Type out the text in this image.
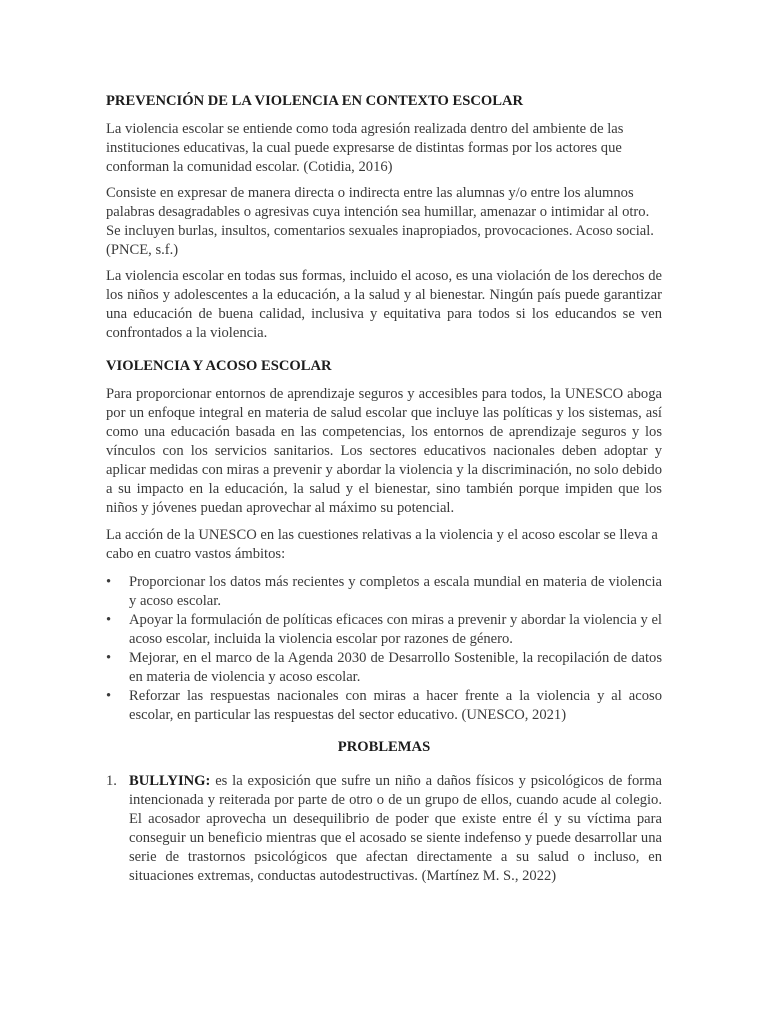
PREVENCIÓN DE LA VIOLENCIA EN CONTEXTO ESCOLAR

La violencia escolar se entiende como toda agresión realizada dentro del ambiente de las instituciones educativas, la cual puede expresarse de distintas formas por los actores que conforman la comunidad escolar. (Cotidia, 2016)

Consiste en expresar de manera directa o indirecta entre las alumnas y/o entre los alumnos palabras desagradables o agresivas cuya intención sea humillar, amenazar o intimidar al otro. Se incluyen burlas, insultos, comentarios sexuales inapropiados, provocaciones. Acoso social. (PNCE, s.f.)

La violencia escolar en todas sus formas, incluido el acoso, es una violación de los derechos de los niños y adolescentes a la educación, a la salud y al bienestar. Ningún país puede garantizar una educación de buena calidad, inclusiva y equitativa para todos si los educandos se ven confrontados a la violencia.

VIOLENCIA Y ACOSO ESCOLAR

Para proporcionar entornos de aprendizaje seguros y accesibles para todos, la UNESCO aboga por un enfoque integral en materia de salud escolar que incluye las políticas y los sistemas, así como una educación basada en las competencias, los entornos de aprendizaje seguros y los vínculos con los servicios sanitarios. Los sectores educativos nacionales deben adoptar y aplicar medidas con miras a prevenir y abordar la violencia y la discriminación, no solo debido a su impacto en la educación, la salud y el bienestar, sino también porque impiden que los niños y jóvenes puedan aprovechar al máximo su potencial.

La acción de la UNESCO en las cuestiones relativas a la violencia y el acoso escolar se lleva a cabo en cuatro vastos ámbitos:

• Proporcionar los datos más recientes y completos a escala mundial en materia de violencia y acoso escolar.
• Apoyar la formulación de políticas eficaces con miras a prevenir y abordar la violencia y el acoso escolar, incluida la violencia escolar por razones de género.
• Mejorar, en el marco de la Agenda 2030 de Desarrollo Sostenible, la recopilación de datos en materia de violencia y acoso escolar.
• Reforzar las respuestas nacionales con miras a hacer frente a la violencia y al acoso escolar, en particular las respuestas del sector educativo. (UNESCO, 2021)
PROBLEMAS
1. BULLYING: es la exposición que sufre un niño a daños físicos y psicológicos de forma intencionada y reiterada por parte de otro o de un grupo de ellos, cuando acude al colegio. El acosador aprovecha un desequilibrio de poder que existe entre él y su víctima para conseguir un beneficio mientras que el acosado se siente indefenso y puede desarrollar una serie de trastornos psicológicos que afectan directamente a su salud o incluso, en situaciones extremas, conductas autodestructivas. (Martínez M. S., 2022)
